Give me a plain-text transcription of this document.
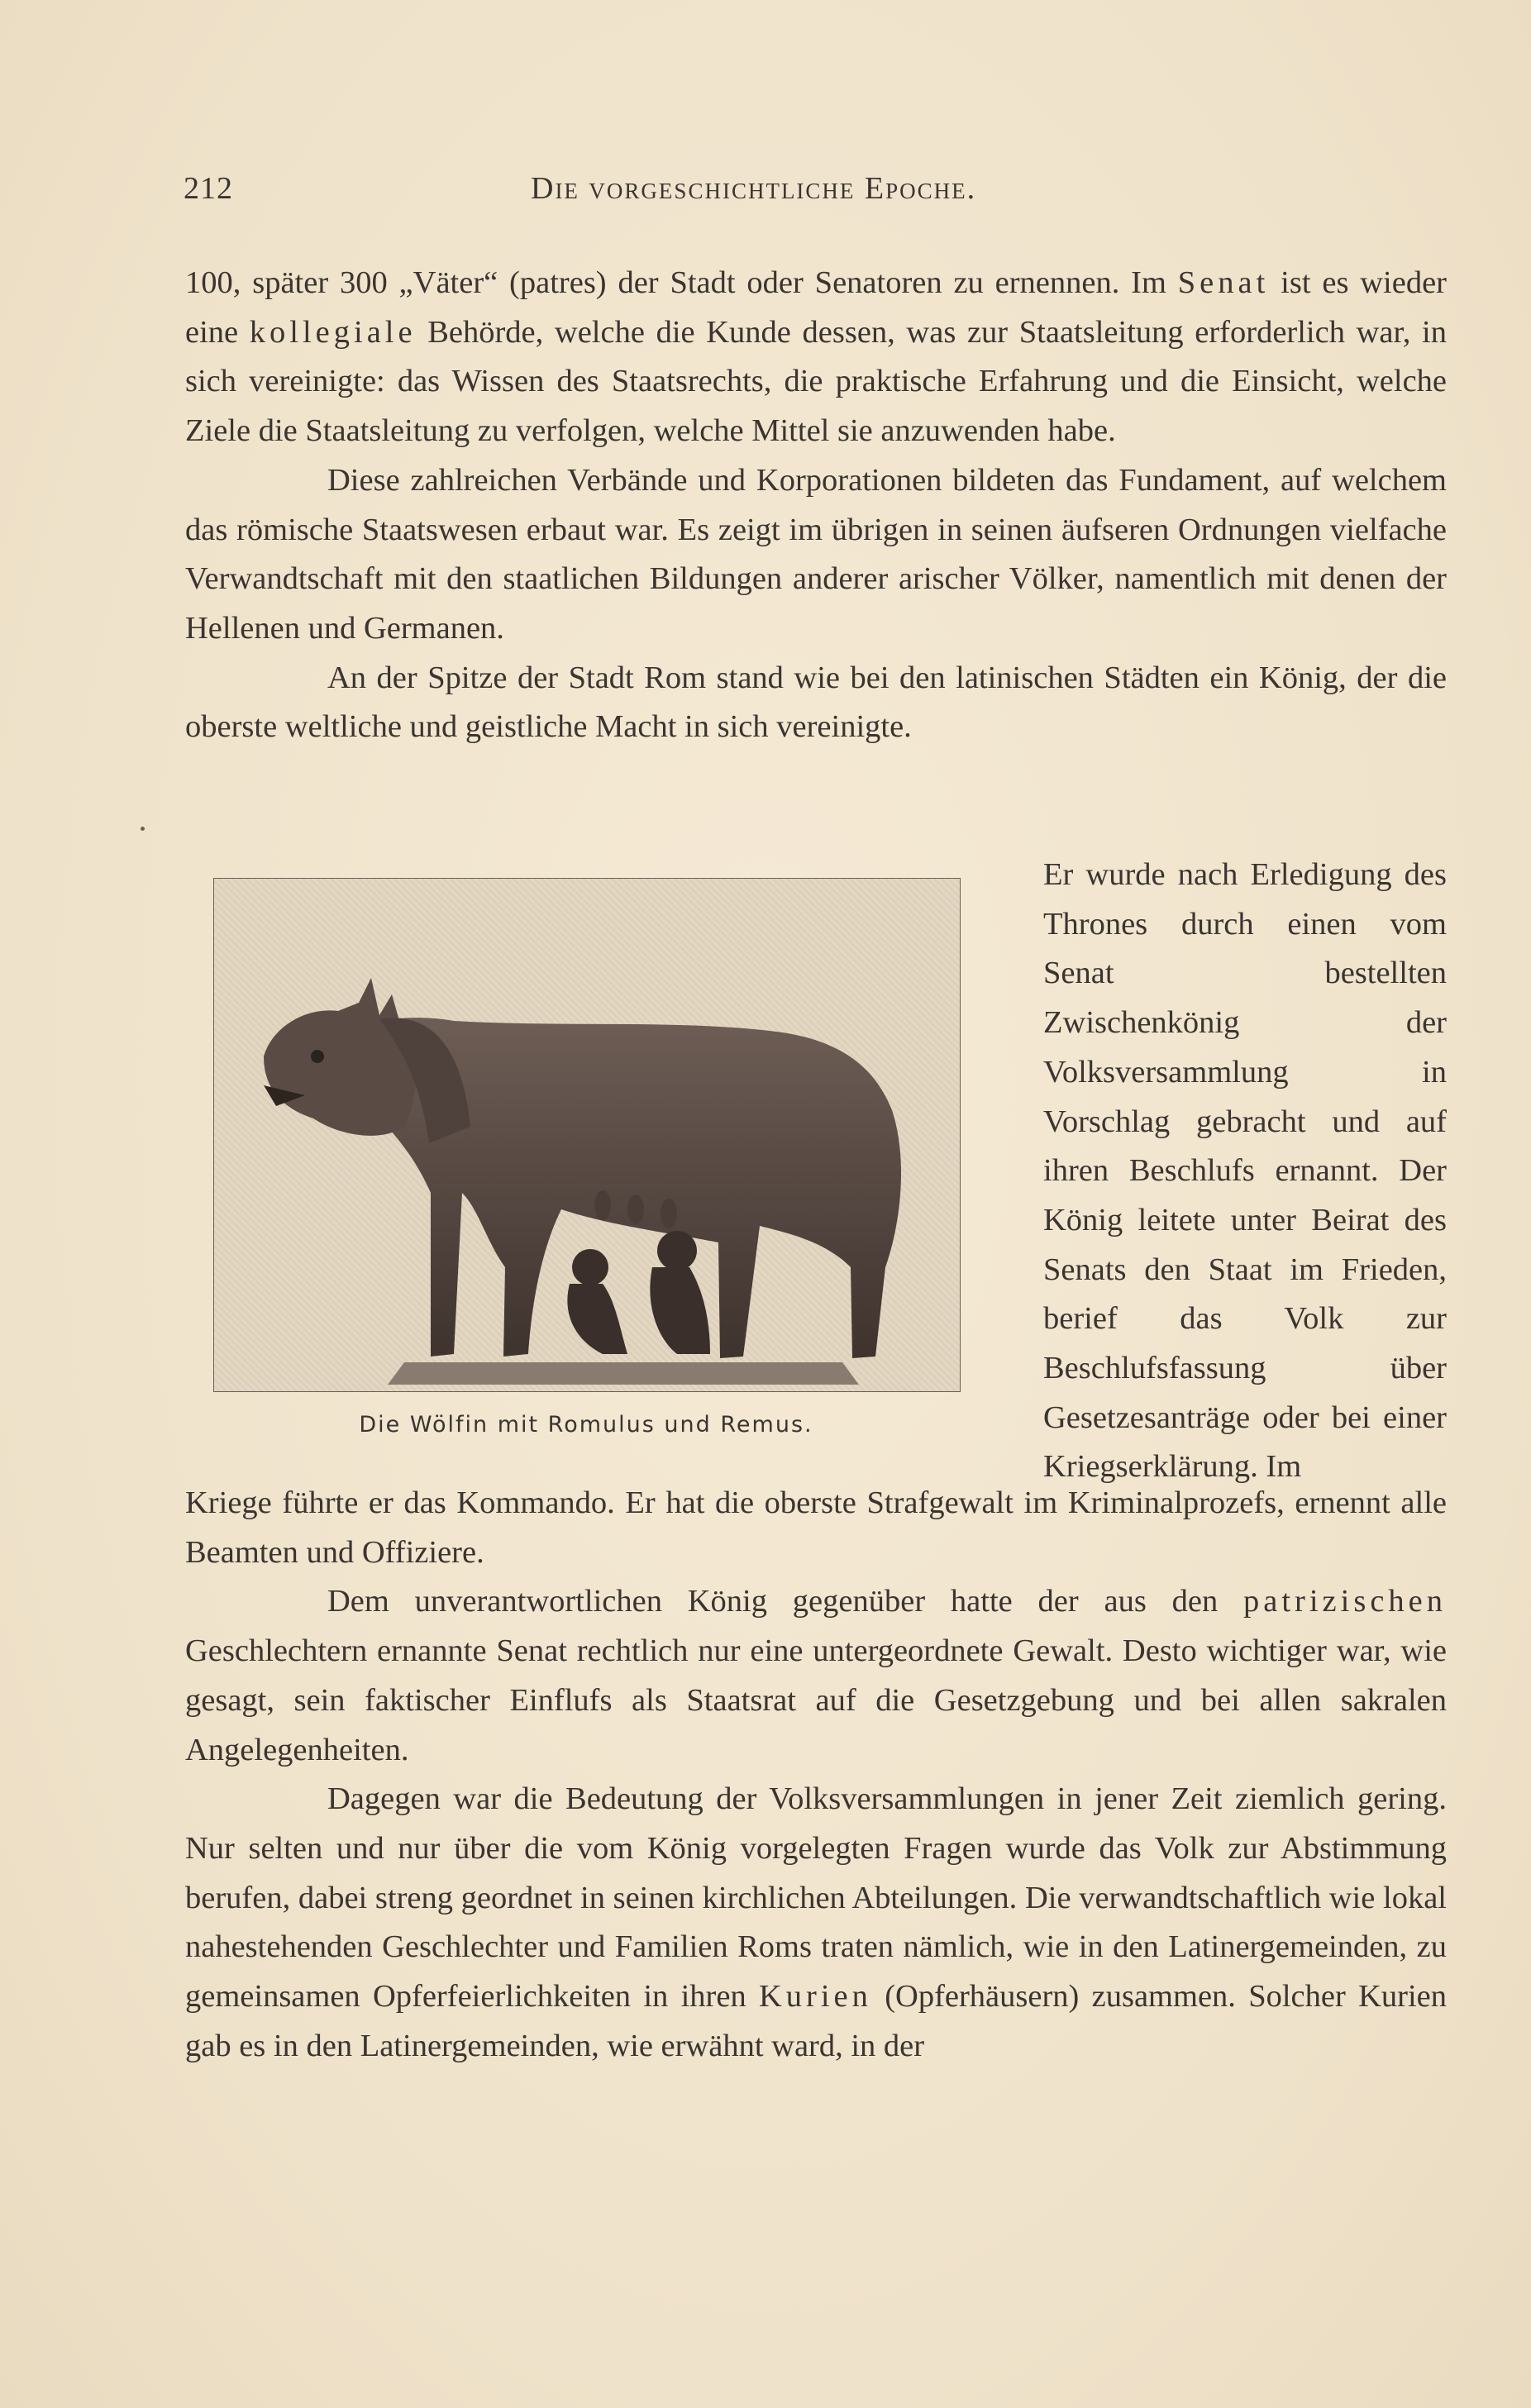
212	Die vorgeschichtliche Epoche.

100, später 300 „Väter“ (patres) der Stadt oder Senatoren zu ernennen. Im Senat ist es wieder eine kollegiale Behörde, welche die Kunde dessen, was zur Staatsleitung erforderlich war, in sich vereinigte: das Wissen des Staatsrechts, die praktische Erfahrung und die Einsicht, welche Ziele die Staatsleitung zu verfolgen, welche Mittel sie anzuwenden habe.

Diese zahlreichen Verbände und Korporationen bildeten das Fundament, auf welchem das römische Staatswesen erbaut war. Es zeigt im übrigen in seinen äufseren Ordnungen vielfache Verwandtschaft mit den staatlichen Bildungen anderer arischer Völker, namentlich mit denen der Hellenen und Germanen.

An der Spitze der Stadt Rom stand wie bei den latinischen Städten ein König, der die oberste weltliche und geistliche Macht in sich vereinigte.

Die Wölfin mit Romulus und Remus.

Er wurde nach Erledigung des Thrones durch einen vom Senat bestellten Zwischenkönig der Volksversammlung in Vorschlag gebracht und auf ihren Beschlufs ernannt. Der König leitete unter Beirat des Senats den Staat im Frieden, berief das Volk zur Beschlufsfassung über Gesetzesanträge oder bei einer Kriegserklärung. Im

Kriege führte er das Kommando. Er hat die oberste Strafgewalt im Kriminalprozefs, ernennt alle Beamten und Offiziere.

Dem unverantwortlichen König gegenüber hatte der aus den patrizischen Geschlechtern ernannte Senat rechtlich nur eine untergeordnete Gewalt. Desto wichtiger war, wie gesagt, sein faktischer Einflufs als Staatsrat auf die Gesetzgebung und bei allen sakralen Angelegenheiten.

Dagegen war die Bedeutung der Volksversammlungen in jener Zeit ziemlich gering. Nur selten und nur über die vom König vorgelegten Fragen wurde das Volk zur Abstimmung berufen, dabei streng geordnet in seinen kirchlichen Abteilungen. Die verwandtschaftlich wie lokal nahestehenden Geschlechter und Familien Roms traten nämlich, wie in den Latinergemeinden, zu gemeinsamen Opferfeierlichkeiten in ihren Kurien (Opferhäusern) zusammen. Solcher Kurien gab es in den Latinergemeinden, wie erwähnt ward, in der
